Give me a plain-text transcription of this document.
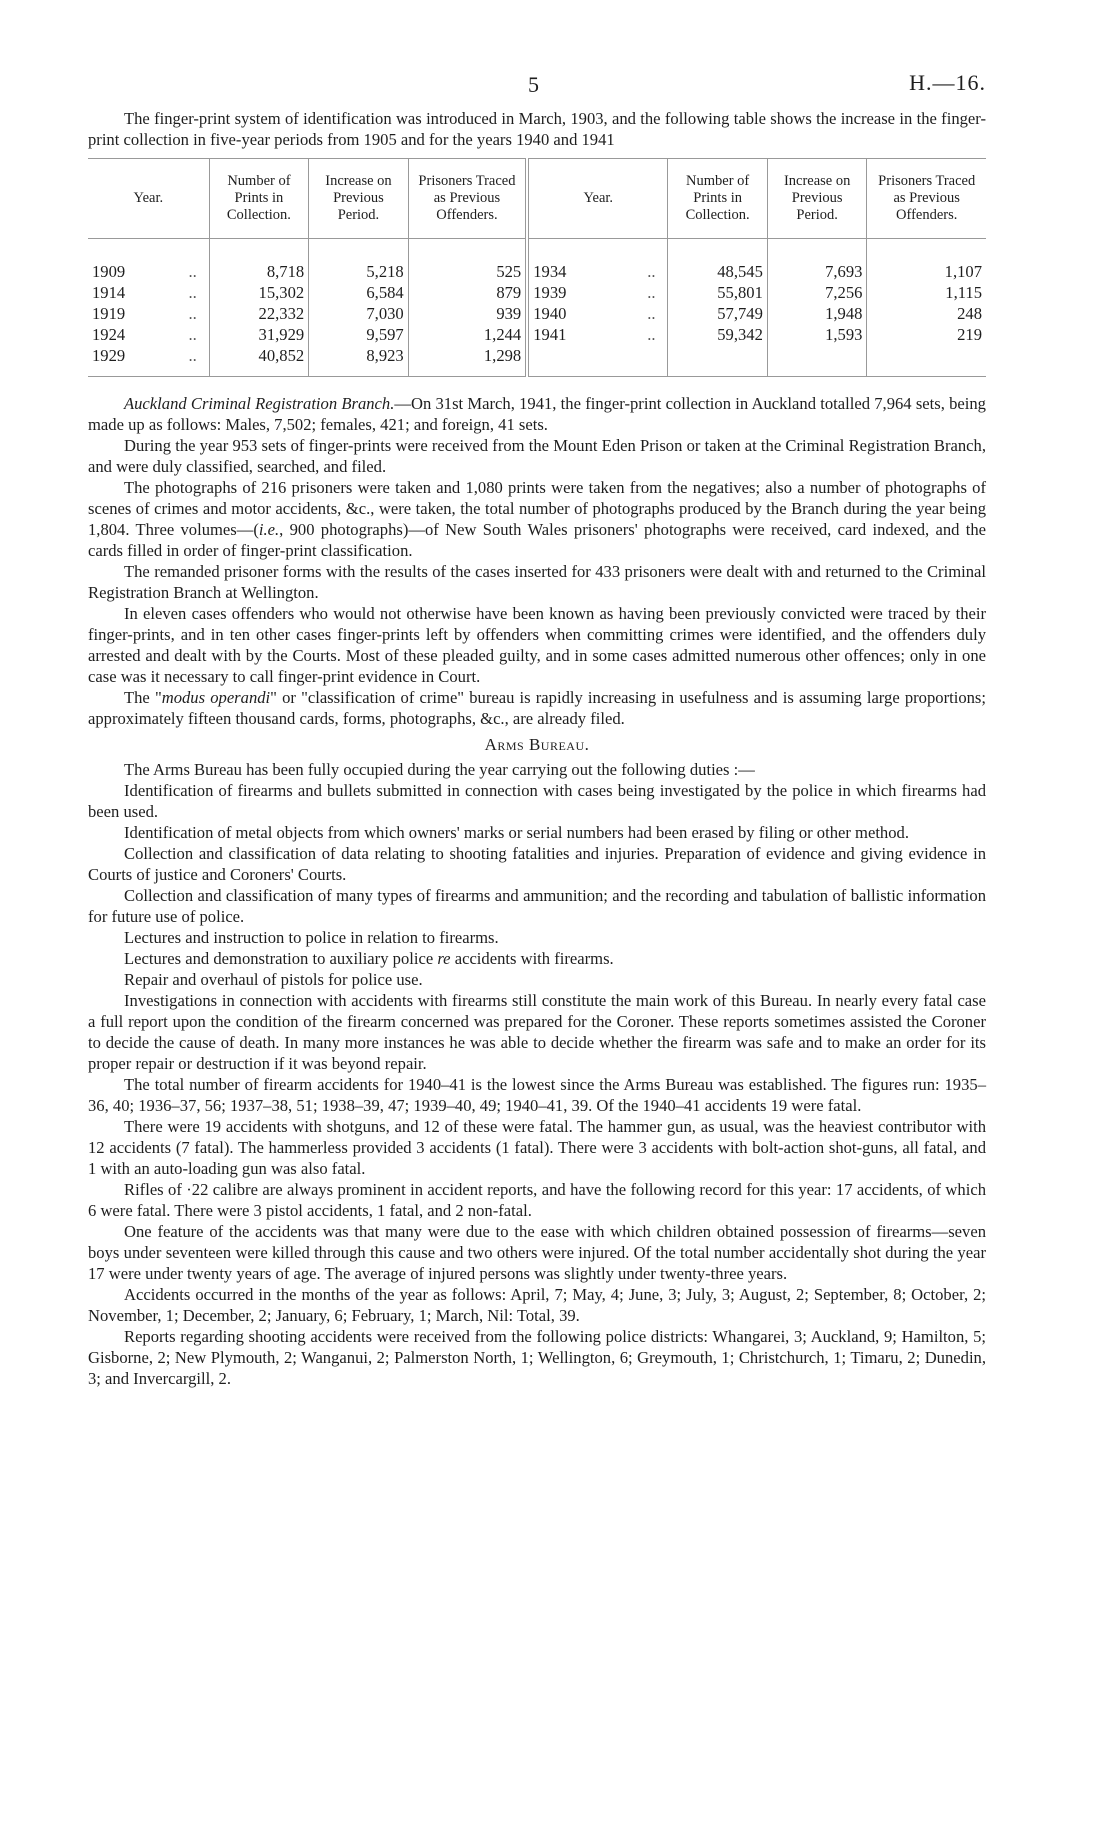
5	H.—16.

The finger-print system of identification was introduced in March, 1903, and the following table shows the increase in the finger-print collection in five-year periods from 1905 and for the years 1940 and 1941

Year.		Number of Prints in Collection.	Increase on Previous Period.	Prisoners Traced as Previous Offenders.	Year.		Number of Prints in Collection.	Increase on Previous Period.	Prisoners Traced as Previous Offenders.
1909	..	8,718	5,218	525	1934	..	48,545	7,693	1,107
1914	..	15,302	6,584	879	1939	..	55,801	7,256	1,115
1919	..	22,332	7,030	939	1940	..	57,749	1,948	248
1924	..	31,929	9,597	1,244	1941	..	59,342	1,593	219
1929	..	40,852	8,923	1,298					

Auckland Criminal Registration Branch.—On 31st March, 1941, the finger-print collection in Auckland totalled 7,964 sets, being made up as follows: Males, 7,502; females, 421; and foreign, 41 sets.

During the year 953 sets of finger-prints were received from the Mount Eden Prison or taken at the Criminal Registration Branch, and were duly classified, searched, and filed.

The photographs of 216 prisoners were taken and 1,080 prints were taken from the negatives; also a number of photographs of scenes of crimes and motor accidents, &c., were taken, the total number of photographs produced by the Branch during the year being 1,804. Three volumes—(i.e., 900 photographs)—of New South Wales prisoners' photographs were received, card indexed, and the cards filled in order of finger-print classification.

The remanded prisoner forms with the results of the cases inserted for 433 prisoners were dealt with and returned to the Criminal Registration Branch at Wellington.

In eleven cases offenders who would not otherwise have been known as having been previously convicted were traced by their finger-prints, and in ten other cases finger-prints left by offenders when committing crimes were identified, and the offenders duly arrested and dealt with by the Courts. Most of these pleaded guilty, and in some cases admitted numerous other offences; only in one case was it necessary to call finger-print evidence in Court.

The "modus operandi" or "classification of crime" bureau is rapidly increasing in usefulness and is assuming large proportions; approximately fifteen thousand cards, forms, photographs, &c., are already filed.

Arms Bureau.

The Arms Bureau has been fully occupied during the year carrying out the following duties :—

Identification of firearms and bullets submitted in connection with cases being investigated by the police in which firearms had been used.

Identification of metal objects from which owners' marks or serial numbers had been erased by filing or other method.

Collection and classification of data relating to shooting fatalities and injuries. Preparation of evidence and giving evidence in Courts of justice and Coroners' Courts.

Collection and classification of many types of firearms and ammunition; and the recording and tabulation of ballistic information for future use of police.

Lectures and instruction to police in relation to firearms.

Lectures and demonstration to auxiliary police re accidents with firearms.

Repair and overhaul of pistols for police use.

Investigations in connection with accidents with firearms still constitute the main work of this Bureau. In nearly every fatal case a full report upon the condition of the firearm concerned was prepared for the Coroner. These reports sometimes assisted the Coroner to decide the cause of death. In many more instances he was able to decide whether the firearm was safe and to make an order for its proper repair or destruction if it was beyond repair.

The total number of firearm accidents for 1940–41 is the lowest since the Arms Bureau was established. The figures run: 1935–36, 40; 1936–37, 56; 1937–38, 51; 1938–39, 47; 1939–40, 49; 1940–41, 39. Of the 1940–41 accidents 19 were fatal.

There were 19 accidents with shotguns, and 12 of these were fatal. The hammer gun, as usual, was the heaviest contributor with 12 accidents (7 fatal). The hammerless provided 3 accidents (1 fatal). There were 3 accidents with bolt-action shot-guns, all fatal, and 1 with an auto-loading gun was also fatal.

Rifles of ·22 calibre are always prominent in accident reports, and have the following record for this year: 17 accidents, of which 6 were fatal. There were 3 pistol accidents, 1 fatal, and 2 non-fatal.

One feature of the accidents was that many were due to the ease with which children obtained possession of firearms—seven boys under seventeen were killed through this cause and two others were injured. Of the total number accidentally shot during the year 17 were under twenty years of age. The average of injured persons was slightly under twenty-three years.

Accidents occurred in the months of the year as follows: April, 7; May, 4; June, 3; July, 3; August, 2; September, 8; October, 2; November, 1; December, 2; January, 6; February, 1; March, Nil: Total, 39.

Reports regarding shooting accidents were received from the following police districts: Whangarei, 3; Auckland, 9; Hamilton, 5; Gisborne, 2; New Plymouth, 2; Wanganui, 2; Palmerston North, 1; Wellington, 6; Greymouth, 1; Christchurch, 1; Timaru, 2; Dunedin, 3; and Invercargill, 2.
